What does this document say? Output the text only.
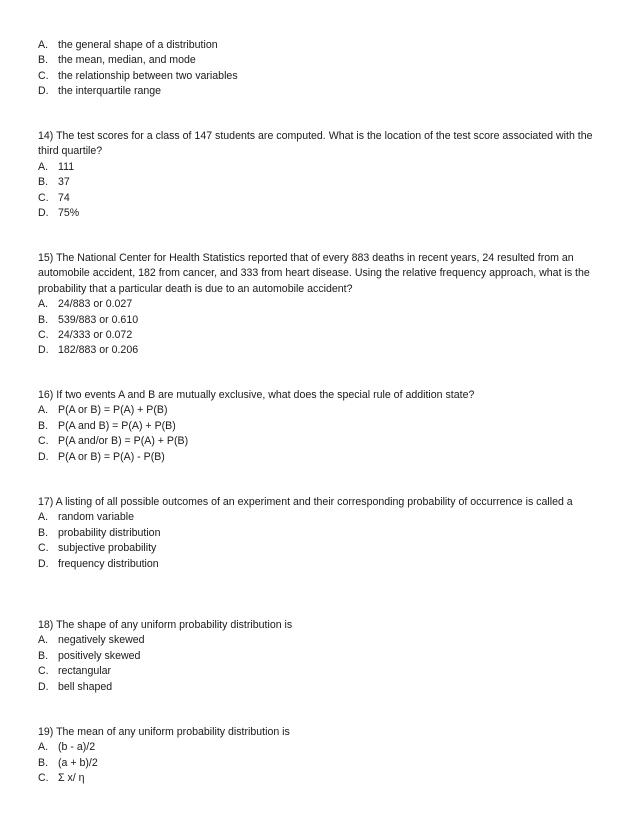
A. the general shape of a distribution
B. the mean, median, and mode
C. the relationship between two variables
D. the interquartile range

14) The test scores for a class of 147 students are computed. What is the location of the test score associated with the third quartile?

A. 111
B. 37
C. 74
D. 75%

15) The National Center for Health Statistics reported that of every 883 deaths in recent years, 24 resulted from an automobile accident, 182 from cancer, and 333 from heart disease. Using the relative frequency approach, what is the probability that a particular death is due to an automobile accident?

A. 24/883 or 0.027
B. 539/883 or 0.610
C. 24/333 or 0.072
D. 182/883 or 0.206

16) If two events A and B are mutually exclusive, what does the special rule of addition state?

A. P(A or B) = P(A) + P(B)
B. P(A and B) = P(A) + P(B)
C. P(A and/or B) = P(A) + P(B)
D. P(A or B) = P(A) - P(B)

17) A listing of all possible outcomes of an experiment and their corresponding probability of occurrence is called a

A. random variable
B. probability distribution
C. subjective probability
D. frequency distribution

18) The shape of any uniform probability distribution is

A. negatively skewed
B. positively skewed
C. rectangular
D. bell shaped

19) The mean of any uniform probability distribution is

A. (b - a)/2
B. (a + b)/2
C. Σ x/ η
